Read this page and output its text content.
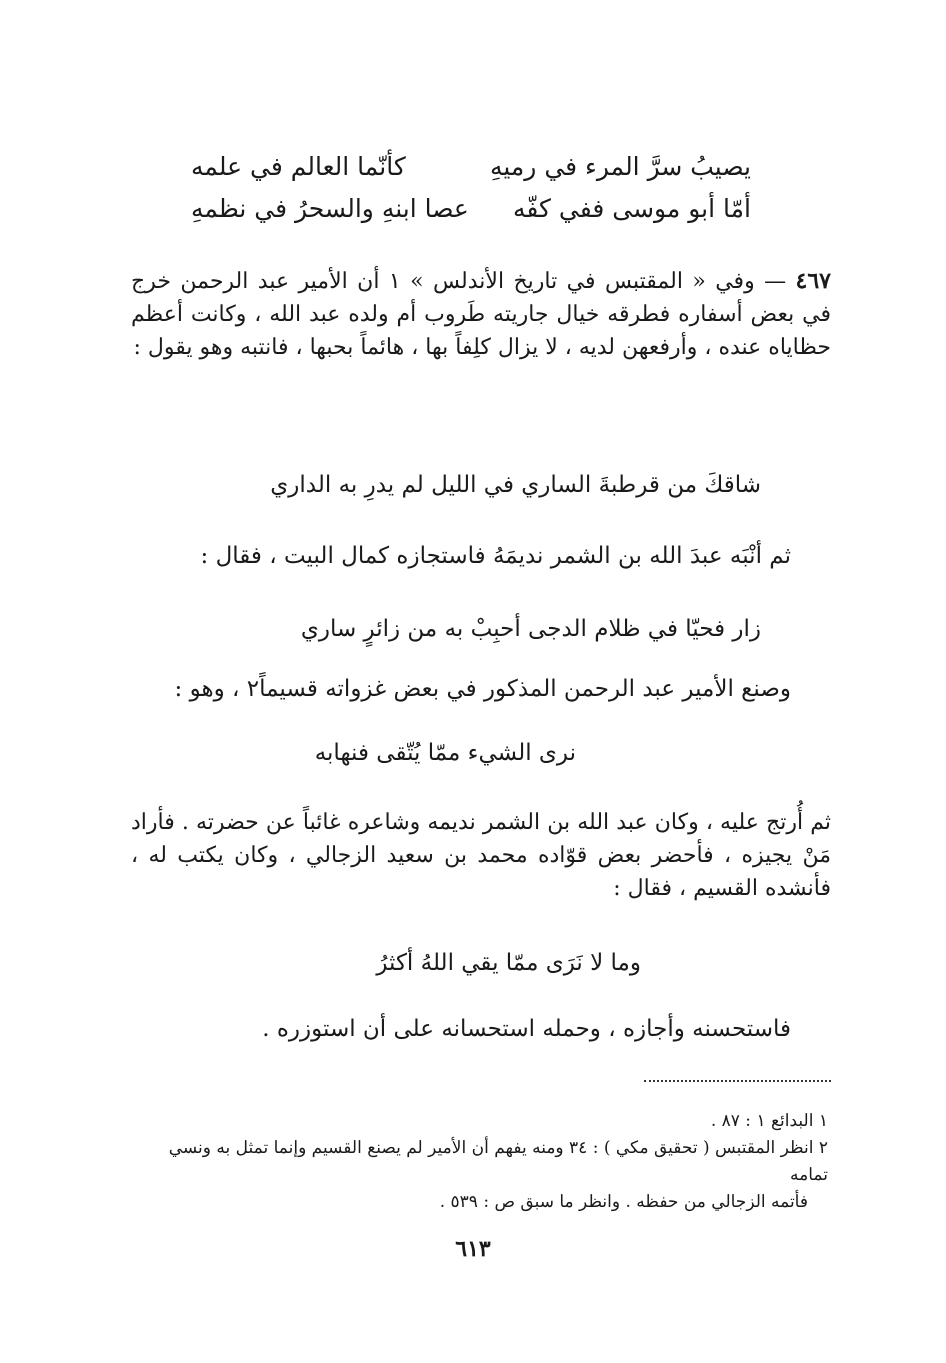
يصيبُ سرَّ المرء في رميهِ
كأنّما العالم في علمه
أمّا أبو موسى ففي كفّه
عصا ابنهِ والسحرُ في نظمهِ
٤٦٧ — وفي « المقتبس في تاريخ الأندلس » ١ أن الأمير عبد الرحمن خرج في بعض أسفاره فطرقه خيال جاريته طَروب أم ولده عبد الله ، وكانت أعظم حظاياه عنده ، وأرفعهن لديه ، لا يزال كلِفاً بها ، هائماً بحبها ، فانتبه وهو يقول :
شاقكَ من قرطبةَ الساري في الليل لم يدرِ به الداري
ثم أنْبَه عبدَ الله بن الشمر نديمَهُ فاستجازه كمال البيت ، فقال :
زار فحيّا في ظلام الدجى أحبِبْ به من زائرٍ ساري
وصنع الأمير عبد الرحمن المذكور في بعض غزواته قسيماً٢ ، وهو :
نرى الشيء ممّا يُتّقى فنهابه
ثم أُرتج عليه ، وكان عبد الله بن الشمر نديمه وشاعره غائباً عن حضرته . فأراد مَنْ يجيزه ، فأحضر بعض قوّاده محمد بن سعيد الزجالي ، وكان يكتب له ، فأنشده القسيم ، فقال :
وما لا نَرَى ممّا يقي اللهُ أكثرُ
فاستحسنه وأجازه ، وحمله استحسانه على أن استوزره .
١ البدائع ١ : ٨٧ .
٢ انظر المقتبس ( تحقيق مكي ) : ٣٤ ومنه يفهم أن الأمير لم يصنع القسيم وإنما تمثل به ونسي تمامه

فأتمه الزجالي من حفظه . وانظر ما سبق ص : ٥٣٩ .
٦١٣
